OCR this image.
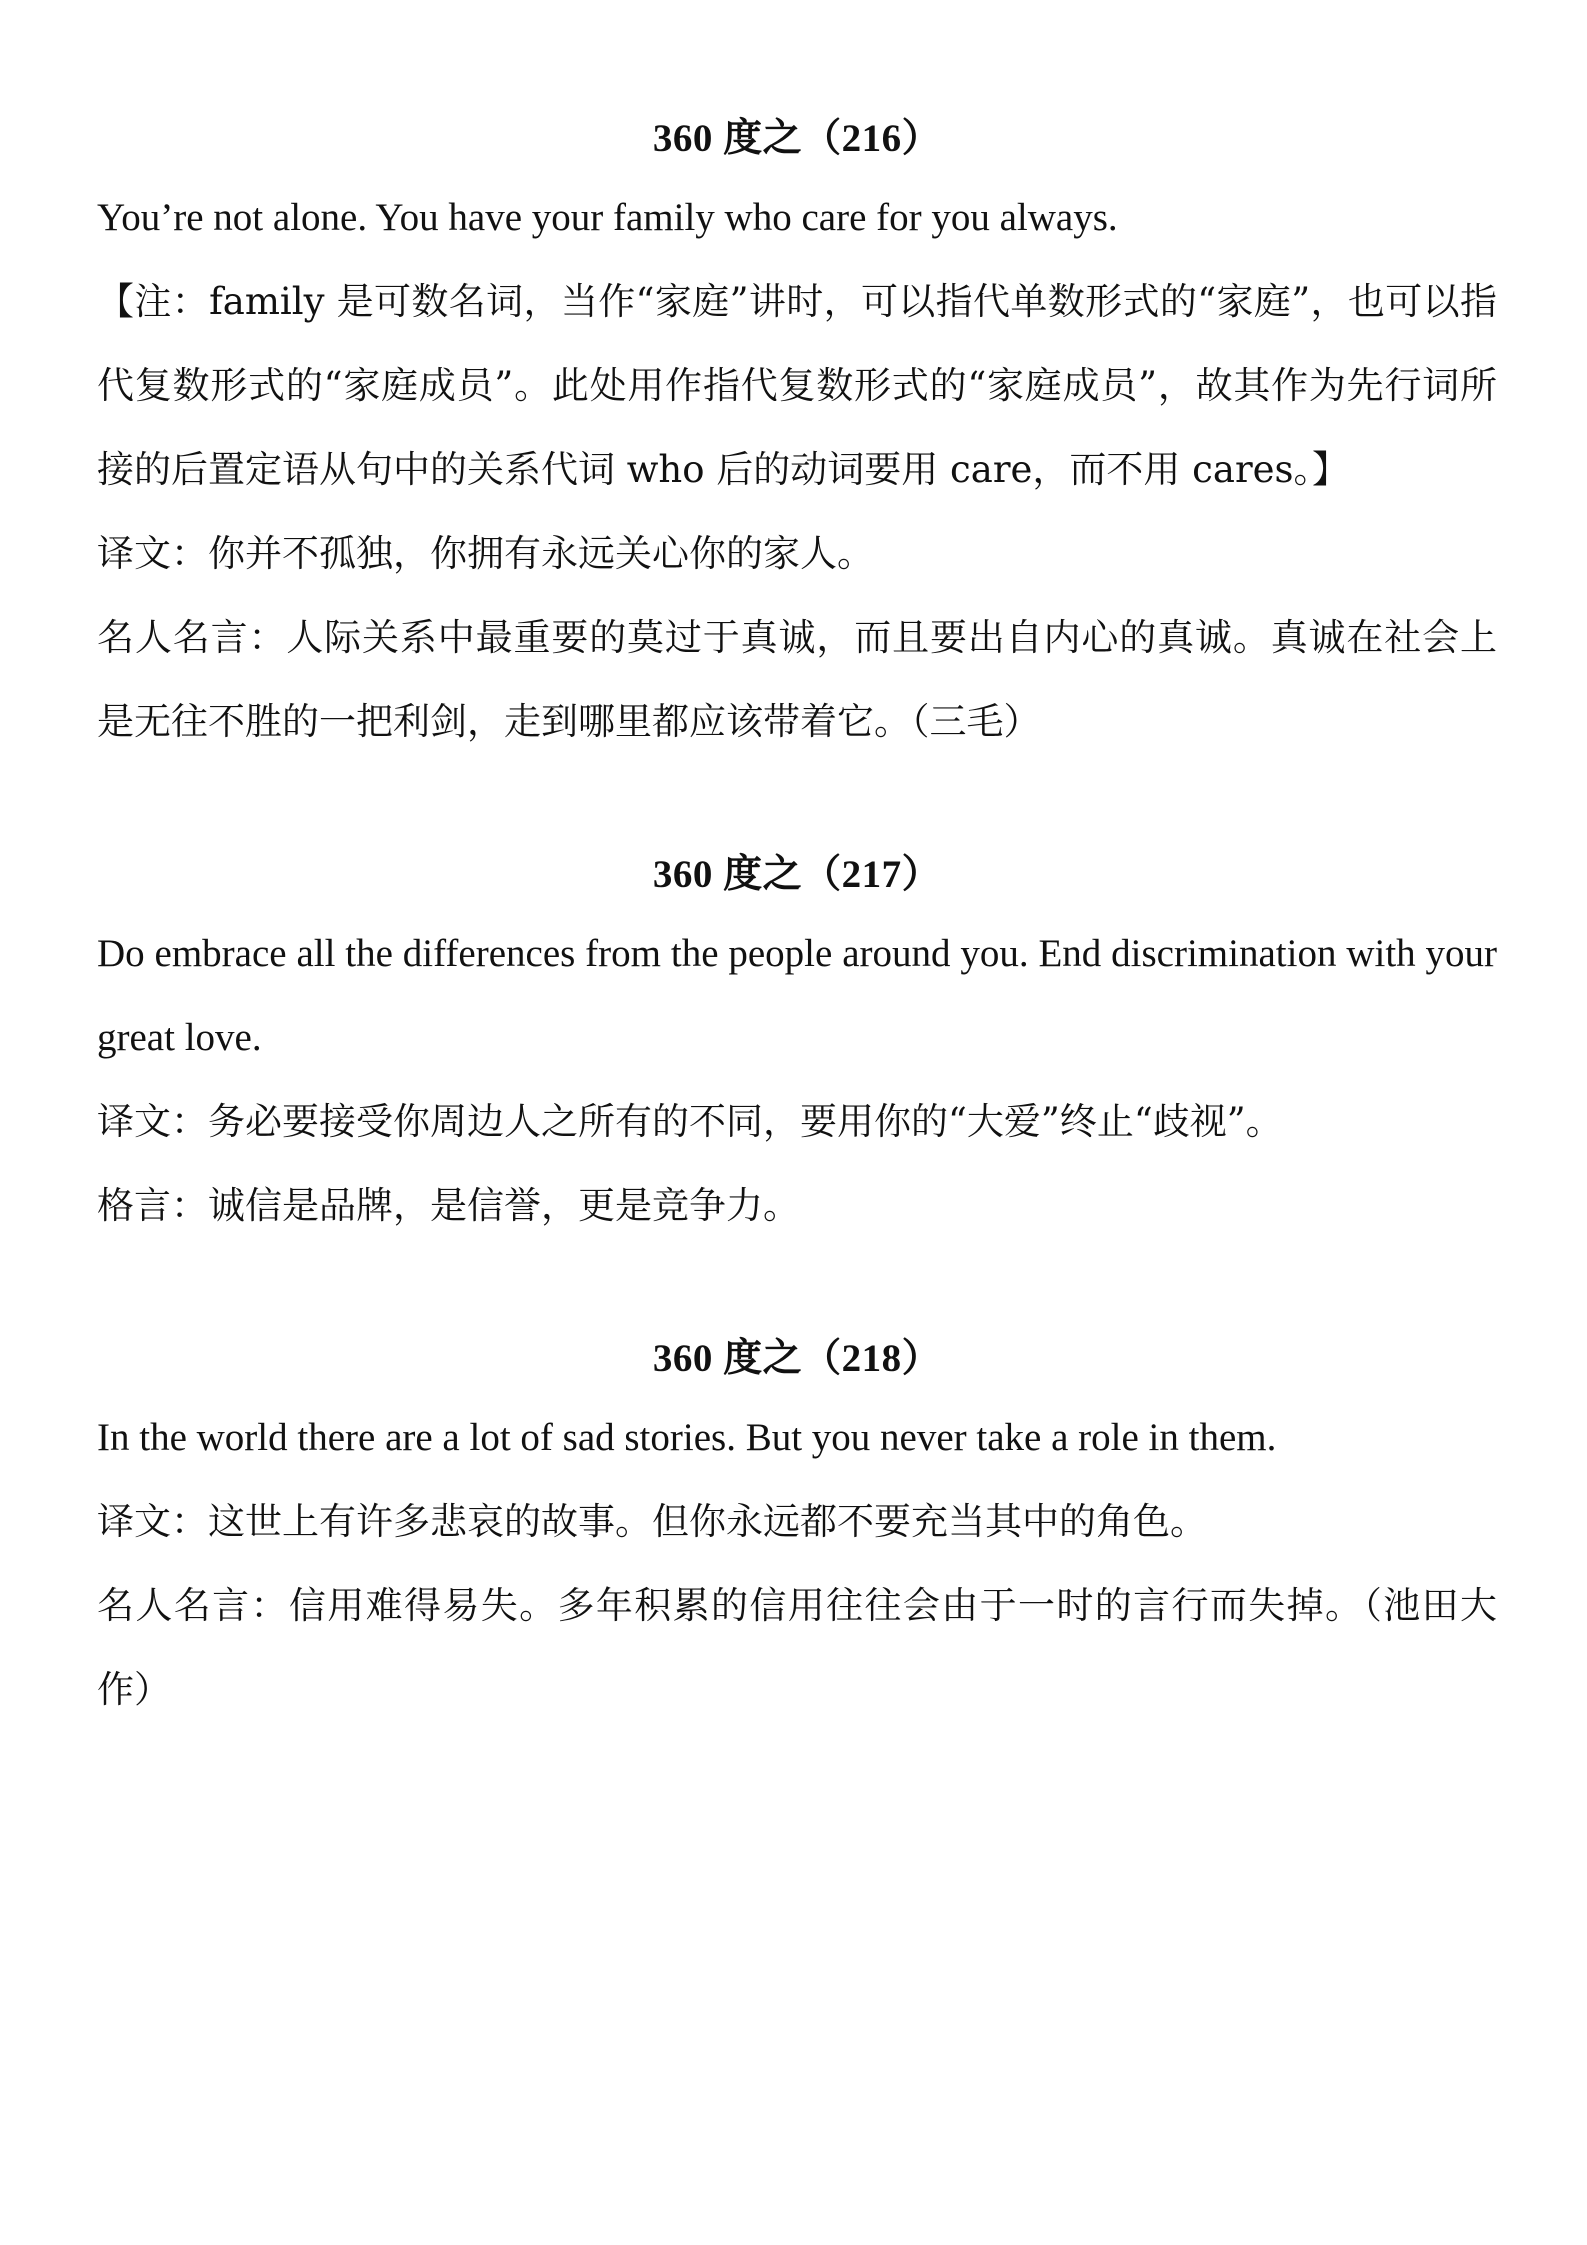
360 度之（216）

You’re not alone. You have your family who care for you always.

【注：family 是可数名词，当作“家庭”讲时，可以指代单数形式的“家庭”，也可以指代复数形式的“家庭成员”。此处用作指代复数形式的“家庭成员”，故其作为先行词所接的后置定语从句中的关系代词 who 后的动词要用 care，而不用 cares。】

译文：你并不孤独，你拥有永远关心你的家人。

名人名言：人际关系中最重要的莫过于真诚，而且要出自内心的真诚。真诚在社会上是无往不胜的一把利剑，走到哪里都应该带着它。（三毛）

360 度之（217）

Do embrace all the differences from the people around you. End discrimination with your great love.

译文：务必要接受你周边人之所有的不同，要用你的“大爱”终止“歧视”。

格言：诚信是品牌，是信誉，更是竞争力。

360 度之（218）

In the world there are a lot of sad stories. But you never take a role in them.

译文：这世上有许多悲哀的故事。但你永远都不要充当其中的角色。

名人名言：信用难得易失。多年积累的信用往往会由于一时的言行而失掉。（池田大作）
